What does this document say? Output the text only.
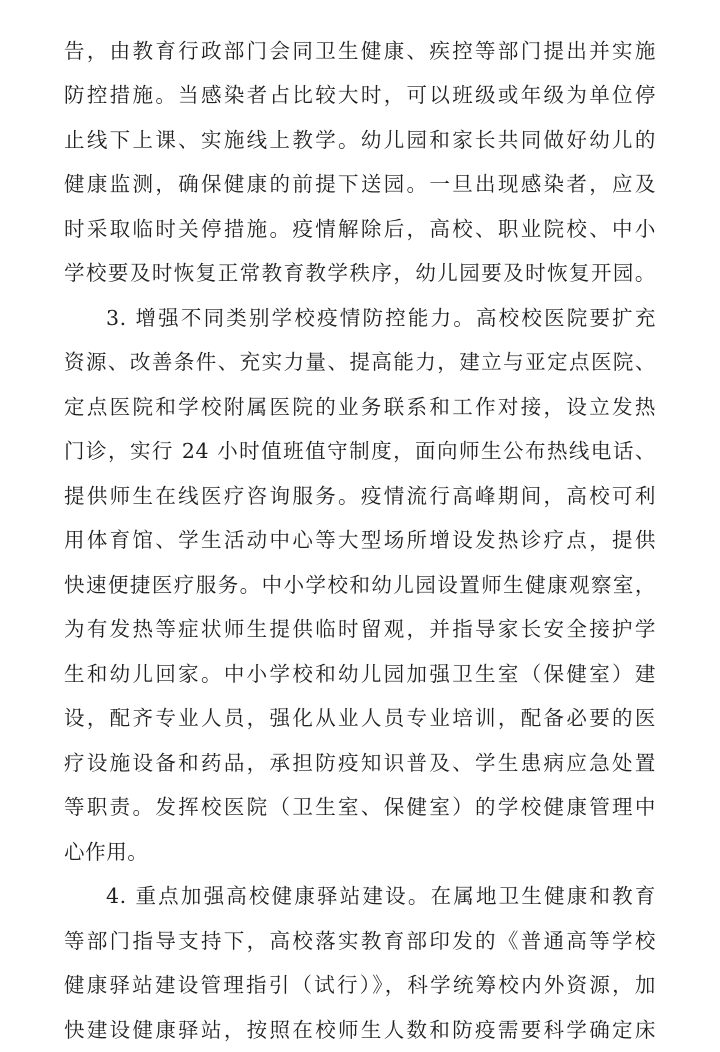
告，由教育行政部门会同卫生健康、疾控等部门提出并实施
防控措施。当感染者占比较大时，可以班级或年级为单位停
止线下上课、实施线上教学。幼儿园和家长共同做好幼儿的
健康监测，确保健康的前提下送园。一旦出现感染者，应及
时采取临时关停措施。疫情解除后，高校、职业院校、中小
学校要及时恢复正常教育教学秩序，幼儿园要及时恢复开园。
3. 增强不同类别学校疫情防控能力。高校校医院要扩充
资源、改善条件、充实力量、提高能力，建立与亚定点医院、
定点医院和学校附属医院的业务联系和工作对接，设立发热
门诊，实行 24 小时值班值守制度，面向师生公布热线电话、
提供师生在线医疗咨询服务。疫情流行高峰期间，高校可利
用体育馆、学生活动中心等大型场所增设发热诊疗点，提供
快速便捷医疗服务。中小学校和幼儿园设置师生健康观察室，
为有发热等症状师生提供临时留观，并指导家长安全接护学
生和幼儿回家。中小学校和幼儿园加强卫生室（保健室）建
设，配齐专业人员，强化从业人员专业培训，配备必要的医
疗设施设备和药品，承担防疫知识普及、学生患病应急处置
等职责。发挥校医院（卫生室、保健室）的学校健康管理中
心作用。
4. 重点加强高校健康驿站建设。在属地卫生健康和教育
等部门指导支持下，高校落实教育部印发的《普通高等学校
健康驿站建设管理指引（试行）》，科学统筹校内外资源，加
快建设健康驿站，按照在校师生人数和防疫需要科学确定床
